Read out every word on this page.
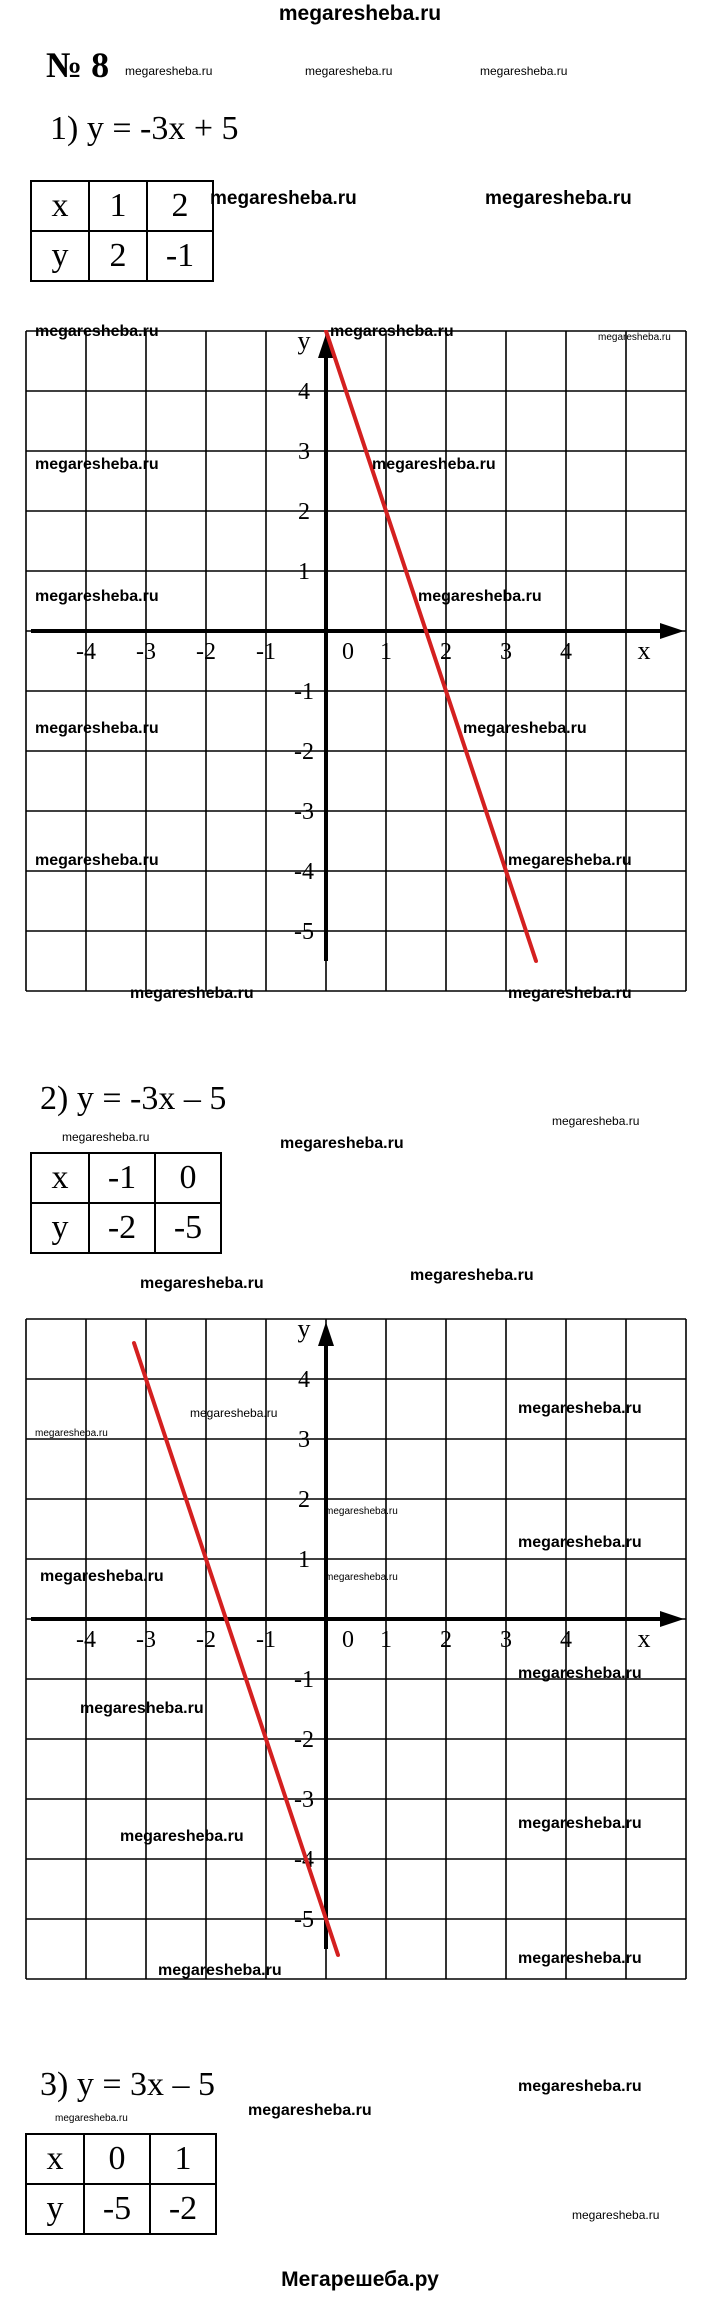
megaresheba.ru
№ 8
1) y = -3x + 5
x	1	2
y	2	-1
-4 -3 -2 -1	0 1 2 3 4
4
3
2
1
-1
-2
-3
-4
-5
x
y
2) y = -3x – 5
x	-1	0
y	-2	-5
-4 -3 -2 -1	0 1 2 3 4
4
3
2
1
-1
-2
-3
-4
-5
x
y
3) y = 3x – 5
x	0	1
y	-5	-2
Мегарешеба.ру
megaresheba.ru	megaresheba.ru	megaresheba.ru
megaresheba.ru	megaresheba.ru
megaresheba.ru	megaresheba.ru	megaresheba.ru
megaresheba.ru	megaresheba.ru
megaresheba.ru	megaresheba.ru
megaresheba.ru	megaresheba.ru
megaresheba.ru	megaresheba.ru
megaresheba.ru	megaresheba.ru
megaresheba.ru	megaresheba.ru
megaresheba.ru
megaresheba.ru	megaresheba.ru
megaresheba.ru
megaresheba.ru
megaresheba.ru
megaresheba.ru
megaresheba.ru
megaresheba.ru	megaresheba.ru
megaresheba.ru
megaresheba.ru
megaresheba.ru
megaresheba.ru
megaresheba.ru
megaresheba.ru
megaresheba.ru
megaresheba.ru
megaresheba.ru
megaresheba.ru
